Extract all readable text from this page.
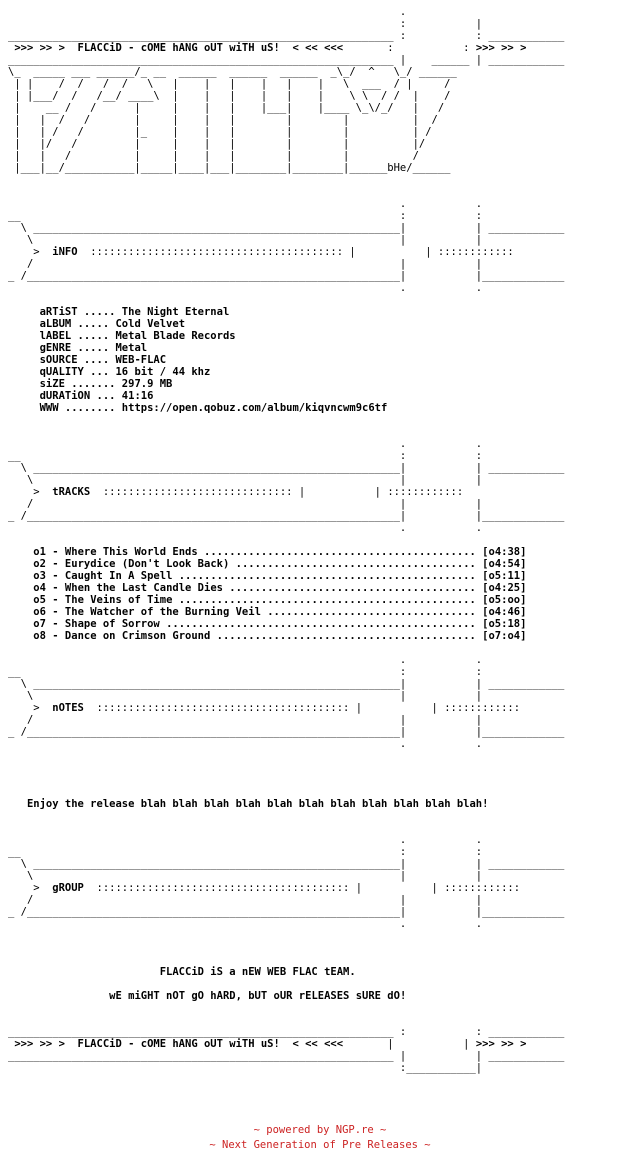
.
:           |
_____________________________________________________________ :           : ____________
>>> >> >  FLACCiD - cOME hANG oUT wiTH uS!  < << <<<       :           : >>> >> >
_____________________________________________________________ |    ______ | ____________
\_  _____ ___ ______/_ __  ______  ______  ______  _\_/  ^   \_/ ______
| |    /  /   /  /   \   |    |   |    |   |    |   \  ___  / |     /
| |___/  /   /__/ ____\  |    |   |    |   |    |    \ \  / /  |    /
|    __ /   /      |     |    |   |    |___|    |____ \_\/_/   |   /
|   |  /   /       |     |    |   |        |        |          |  /
|   | /   /        |_    |    |   |        |        |          | /
|   |/   /         |     |    |   |        |        |          |/
|   |   /          |     |    |   |        |        |          /
|___|__/___________|_____|____|___|________|________|______bHe/______

.           .
__                                                            :           :
\ __________________________________________________________|           | ____________
\                                                          |           |
>  iNFO  :::::::::::::::::::::::::::::::::::::::: |           | ::::::::::::
/                                                          |           |
_ /___________________________________________________________|           |_____________
.           .

aRTiST ..... The Night Eternal
aLBUM ..... Cold Velvet
lABEL ..... Metal Blade Records
gENRE ..... Metal
sOURCE .... WEB-FLAC
qUALITY ... 16 bit / 44 khz
siZE ....... 297.9 MB
dURATiON ... 41:16
WWW ........ https://open.qobuz.com/album/kiqvncwm9c6tf

.           .
__                                                            :           :
\ __________________________________________________________|           | ____________
\                                                          |           |
>  tRACKS  :::::::::::::::::::::::::::::: |           | ::::::::::::
/                                                          |           |
_ /___________________________________________________________|           |_____________
.           .

o1 - Where This World Ends ........................................... [o4:38]
o2 - Eurydice (Don't Look Back) ...................................... [o4:54]
o3 - Caught In A Spell ............................................... [o5:11]
o4 - When the Last Candle Dies ....................................... [o4:25]
o5 - The Veins of Time ............................................... [o5:oo]
o6 - The Watcher of the Burning Veil ................................. [o4:46]
o7 - Shape of Sorrow ................................................. [o5:18]
o8 - Dance on Crimson Ground ......................................... [o7:o4]

.           .
__                                                            :           :
\ __________________________________________________________|           | ____________
\                                                          |           |
>  nOTES  :::::::::::::::::::::::::::::::::::::::: |           | ::::::::::::
/                                                          |           |
_ /___________________________________________________________|           |_____________
.           .

Enjoy the release blah blah blah blah blah blah blah blah blah blah blah!

.           .
__                                                            :           :
\ __________________________________________________________|           | ____________
\                                                          |           |
>  gROUP  :::::::::::::::::::::::::::::::::::::::: |           | ::::::::::::
/                                                          |           |
_ /___________________________________________________________|           |_____________
.           .

FLACCiD iS a nEW WEB FLAC tEAM.

wE miGHT nOT gO hARD, bUT oUR rELEASES sURE dO!

_____________________________________________________________ :           : ____________
>>> >> >  FLACCiD - cOME hANG oUT wiTH uS!  < << <<<       |           | >>> >> >
_____________________________________________________________ |           | ____________
:___________|
~ powered by NGP.re ~
~ Next Generation of Pre Releases ~
